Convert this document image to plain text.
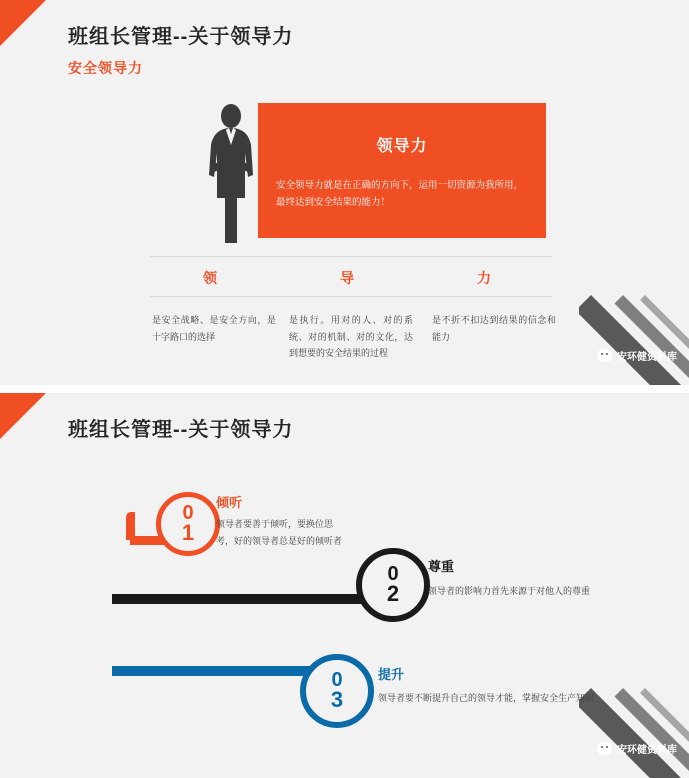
班组长管理--关于领导力
安全领导力
领导力
安全领导力就是在正确的方向下，运用一切资源为我所用，最终达到安全结果的能力！
领	导	力
是安全战略、是安全方向，是十字路口的选择
是执行。用对的人、对的系统、对的机制、对的文化，达到想要的安全结果的过程
是不折不扣达到结果的信念和能力
安环健资料库
班组长管理--关于领导力
安环健资料库
0
1
倾听
领导者要善于倾听，要换位思考，好的领导者总是好的倾听者
0
2
尊重
领导者的影响力首先来源于对他人的尊重
0
3
提升
领导者要不断提升自己的领导才能，掌握安全生产知识
